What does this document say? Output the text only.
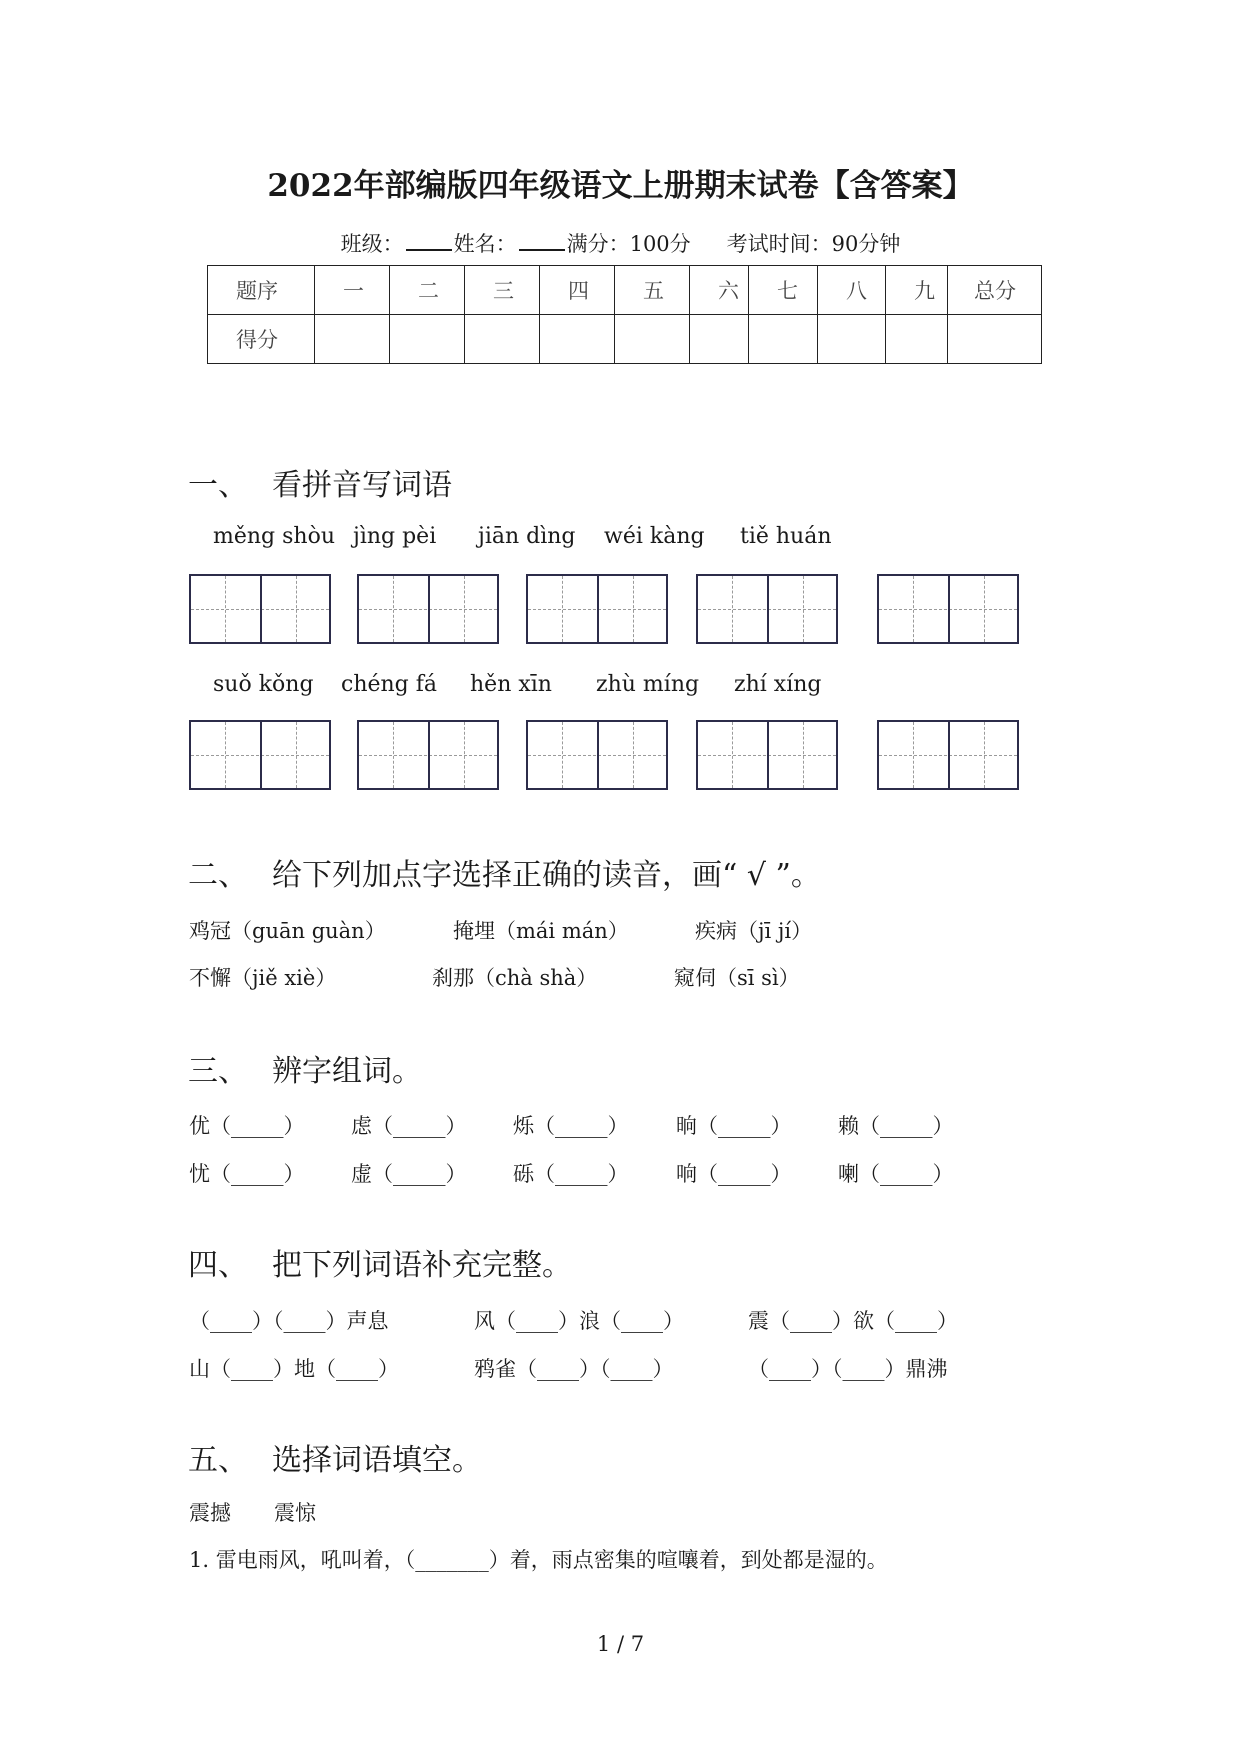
2022年部编版四年级语文上册期末试卷【含答案】
班级： 姓名： 满分：100分 考试时间：90分钟
题序	一	二	三	四	五	六	七	八	九	总分
得分										
一、 看拼音写词语
měng shòu jìng pèi jiān dìng wéi kàng tiě huán
suǒ kǒng chéng fá hěn xīn zhù míng zhí xíng
二、 给下列加点字选择正确的读音，画“ √ ”。
鸡冠（guān guàn）	掩埋（mái mán）	疾病（jī jí）
不懈（jiě xiè）	刹那（chà shà）	窥伺（sī sì）
三、 辨字组词。
优（_____） 虑（_____） 烁（_____） 晌（_____） 赖（_____）
忧（_____） 虚（_____） 砾（_____） 响（_____） 喇（_____）
四、 把下列词语补充完整。
（____）（____）声息	风（____）浪（____）	震（____）欲（____）
山（____）地（____）	鸦雀（____）（____）	（____）（____）鼎沸
五、 选择词语填空。
震撼 震惊
1. 雷电雨风，吼叫着，（_______）着，雨点密集的喧嚷着，到处都是湿的。
1 / 7
